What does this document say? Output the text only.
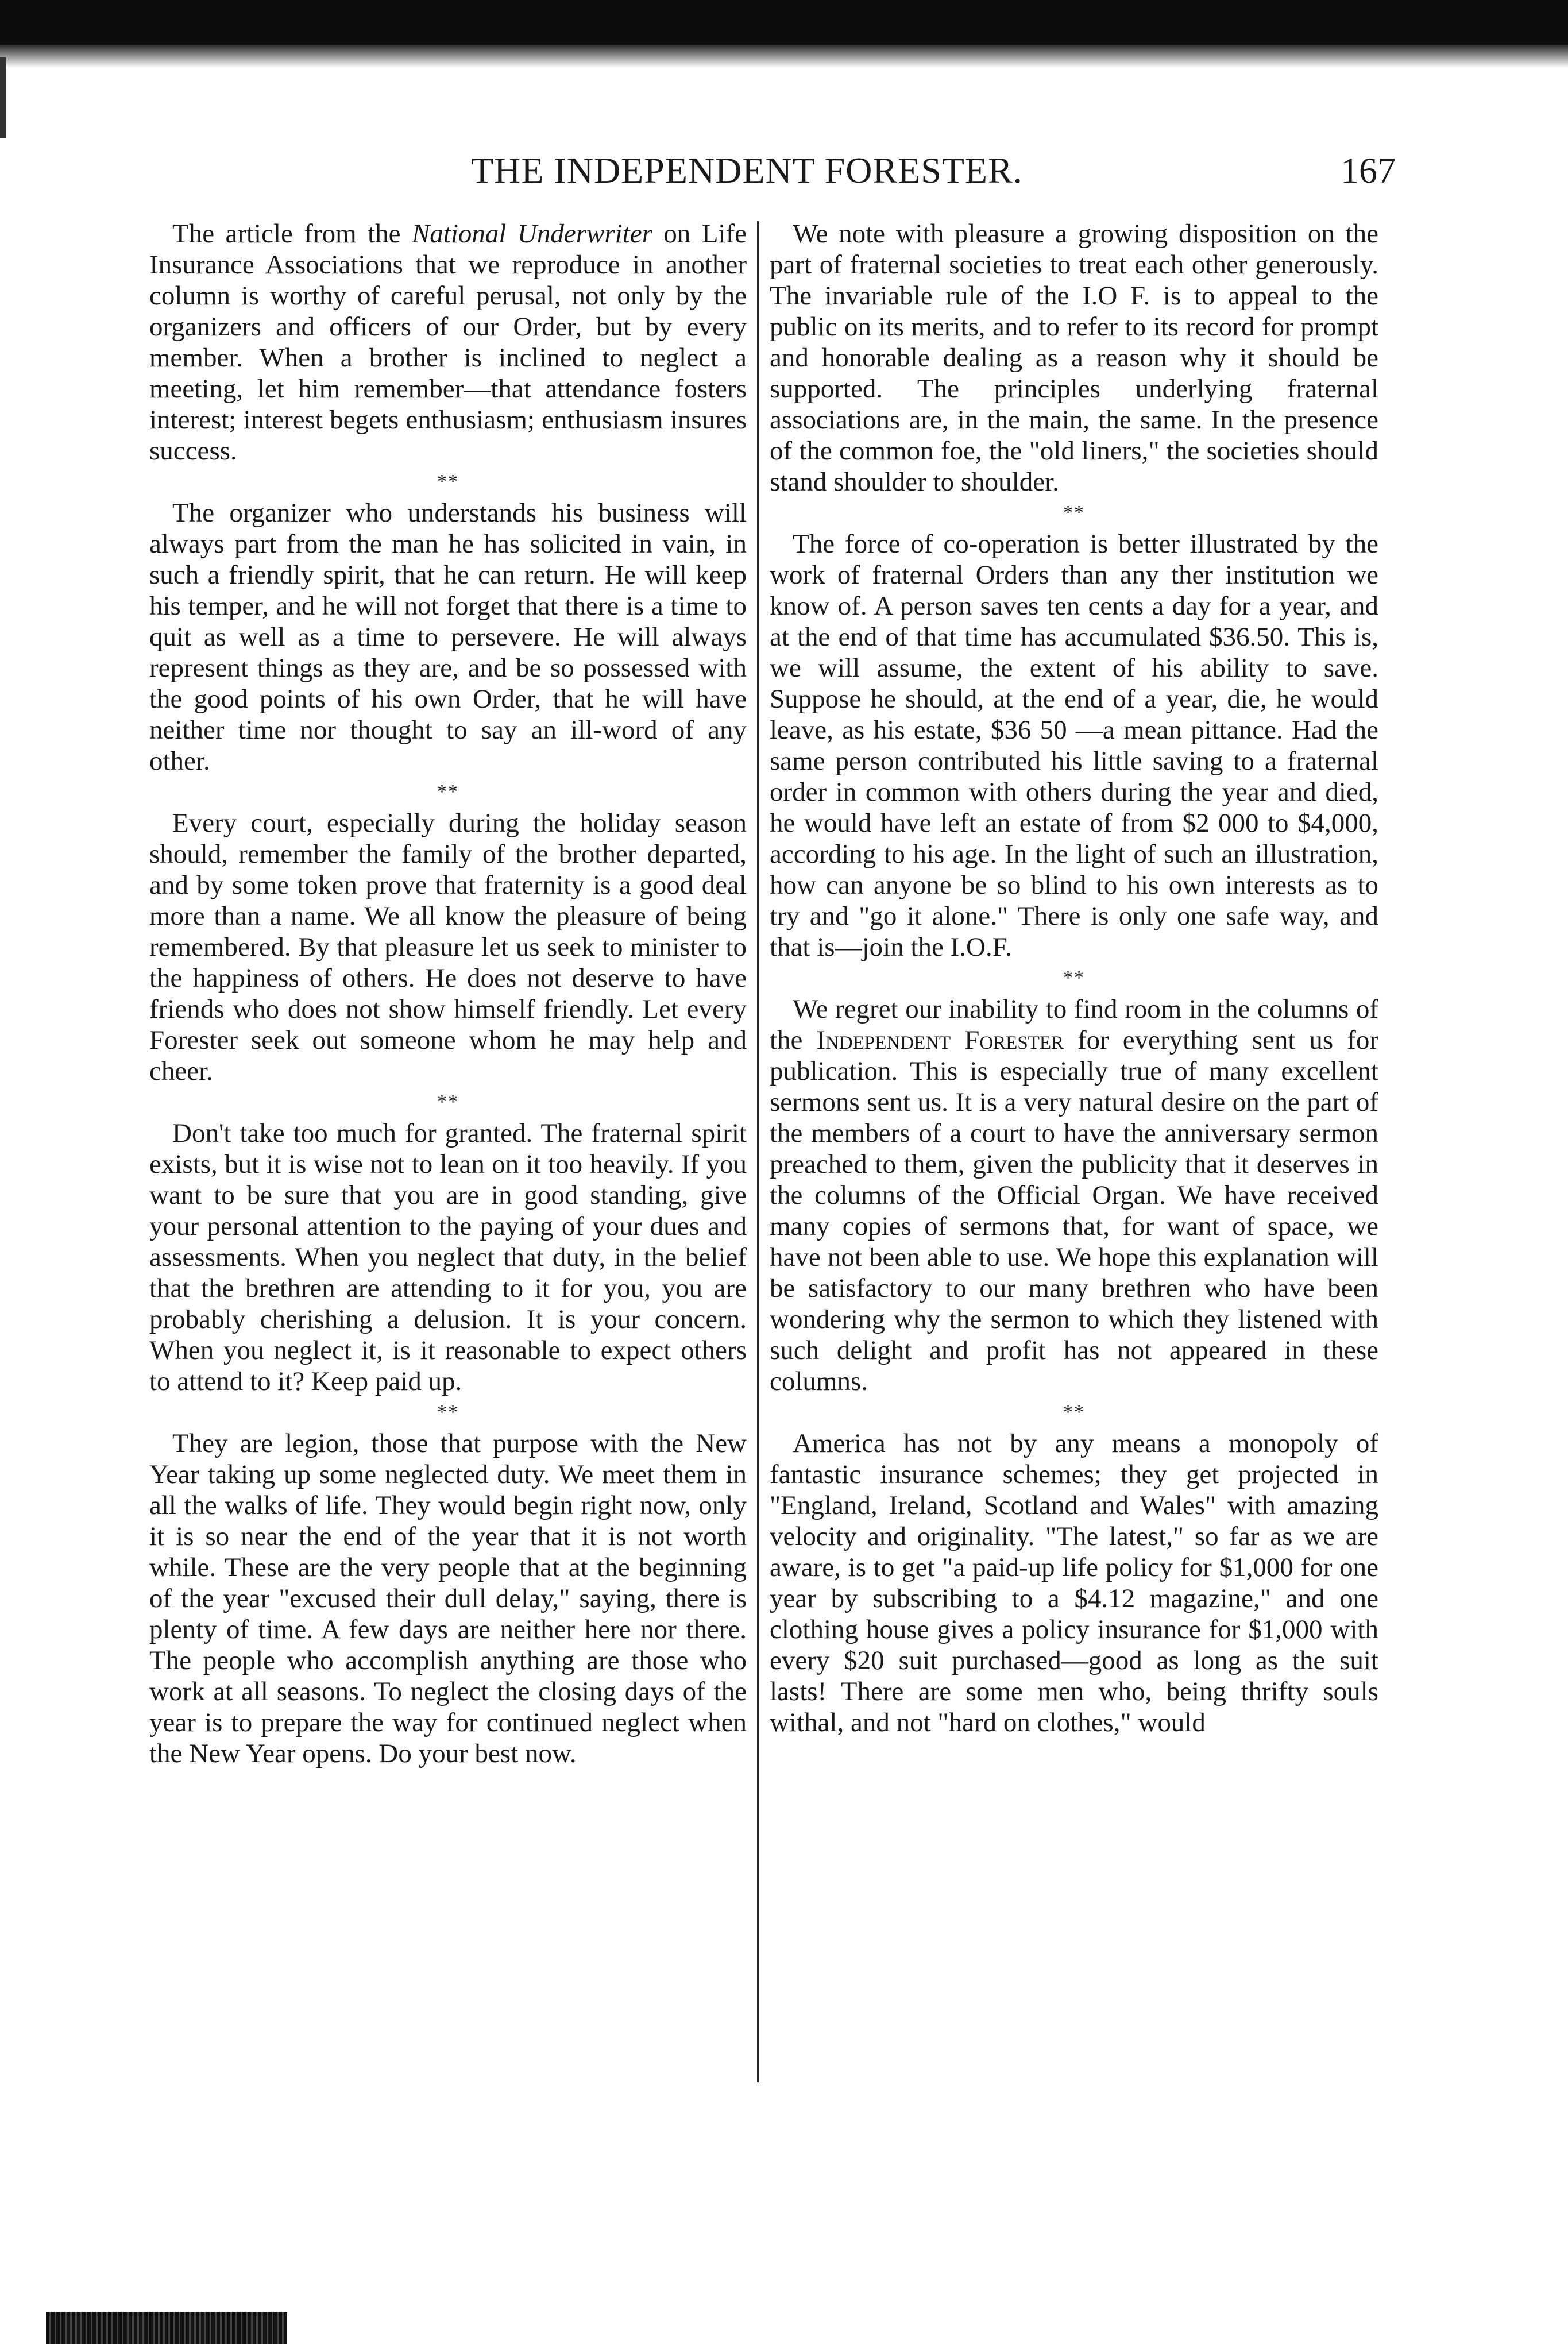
THE INDEPENDENT FORESTER.	167

The article from the National Underwriter on Life Insurance Associations that we reproduce in another column is worthy of careful perusal, not only by the organizers and officers of our Order, but by every member. When a brother is inclined to neglect a meeting, let him remember—that attendance fosters interest; interest begets enthusiasm; enthusiasm insures success.

**

The organizer who understands his business will always part from the man he has solicited in vain, in such a friendly spirit, that he can return. He will keep his temper, and he will not forget that there is a time to quit as well as a time to persevere. He will always represent things as they are, and be so possessed with the good points of his own Order, that he will have neither time nor thought to say an ill-word of any other.

**

Every court, especially during the holiday season should, remember the family of the brother departed, and by some token prove that fraternity is a good deal more than a name. We all know the pleasure of being remembered. By that pleasure let us seek to minister to the happiness of others. He does not deserve to have friends who does not show himself friendly. Let every Forester seek out someone whom he may help and cheer.

**

Don't take too much for granted. The fraternal spirit exists, but it is wise not to lean on it too heavily. If you want to be sure that you are in good standing, give your personal attention to the paying of your dues and assessments. When you neglect that duty, in the belief that the brethren are attending to it for you, you are probably cherishing a delusion. It is your concern. When you neglect it, is it reasonable to expect others to attend to it? Keep paid up.

**

They are legion, those that purpose with the New Year taking up some neglected duty. We meet them in all the walks of life. They would begin right now, only it is so near the end of the year that it is not worth while. These are the very people that at the beginning of the year "excused their dull delay," saying, there is plenty of time. A few days are neither here nor there. The people who accomplish anything are those who work at all seasons. To neglect the closing days of the year is to prepare the way for continued neglect when the New Year opens. Do your best now.

We note with pleasure a growing disposition on the part of fraternal societies to treat each other generously. The invariable rule of the I.O F. is to appeal to the public on its merits, and to refer to its record for prompt and honorable dealing as a reason why it should be supported. The principles underlying fraternal associations are, in the main, the same. In the presence of the common foe, the "old liners," the societies should stand shoulder to shoulder.

**

The force of co-operation is better illustrated by the work of fraternal Orders than any ther institution we know of. A person saves ten cents a day for a year, and at the end of that time has accumulated $36.50. This is, we will assume, the extent of his ability to save. Suppose he should, at the end of a year, die, he would leave, as his estate, $36 50 —a mean pittance. Had the same person contributed his little saving to a fraternal order in common with others during the year and died, he would have left an estate of from $2 000 to $4,000, according to his age. In the light of such an illustration, how can anyone be so blind to his own interests as to try and "go it alone." There is only one safe way, and that is—join the I.O.F.

**

We regret our inability to find room in the columns of the Independent Forester for everything sent us for publication. This is especially true of many excellent sermons sent us. It is a very natural desire on the part of the members of a court to have the anniversary sermon preached to them, given the publicity that it deserves in the columns of the Official Organ. We have received many copies of sermons that, for want of space, we have not been able to use. We hope this explanation will be satisfactory to our many brethren who have been wondering why the sermon to which they listened with such delight and profit has not appeared in these columns.

**

America has not by any means a monopoly of fantastic insurance schemes; they get projected in "England, Ireland, Scotland and Wales" with amazing velocity and originality. "The latest," so far as we are aware, is to get "a paid-up life policy for $1,000 for one year by subscribing to a $4.12 magazine," and one clothing house gives a policy insurance for $1,000 with every $20 suit purchased—good as long as the suit lasts! There are some men who, being thrifty souls withal, and not "hard on clothes," would
